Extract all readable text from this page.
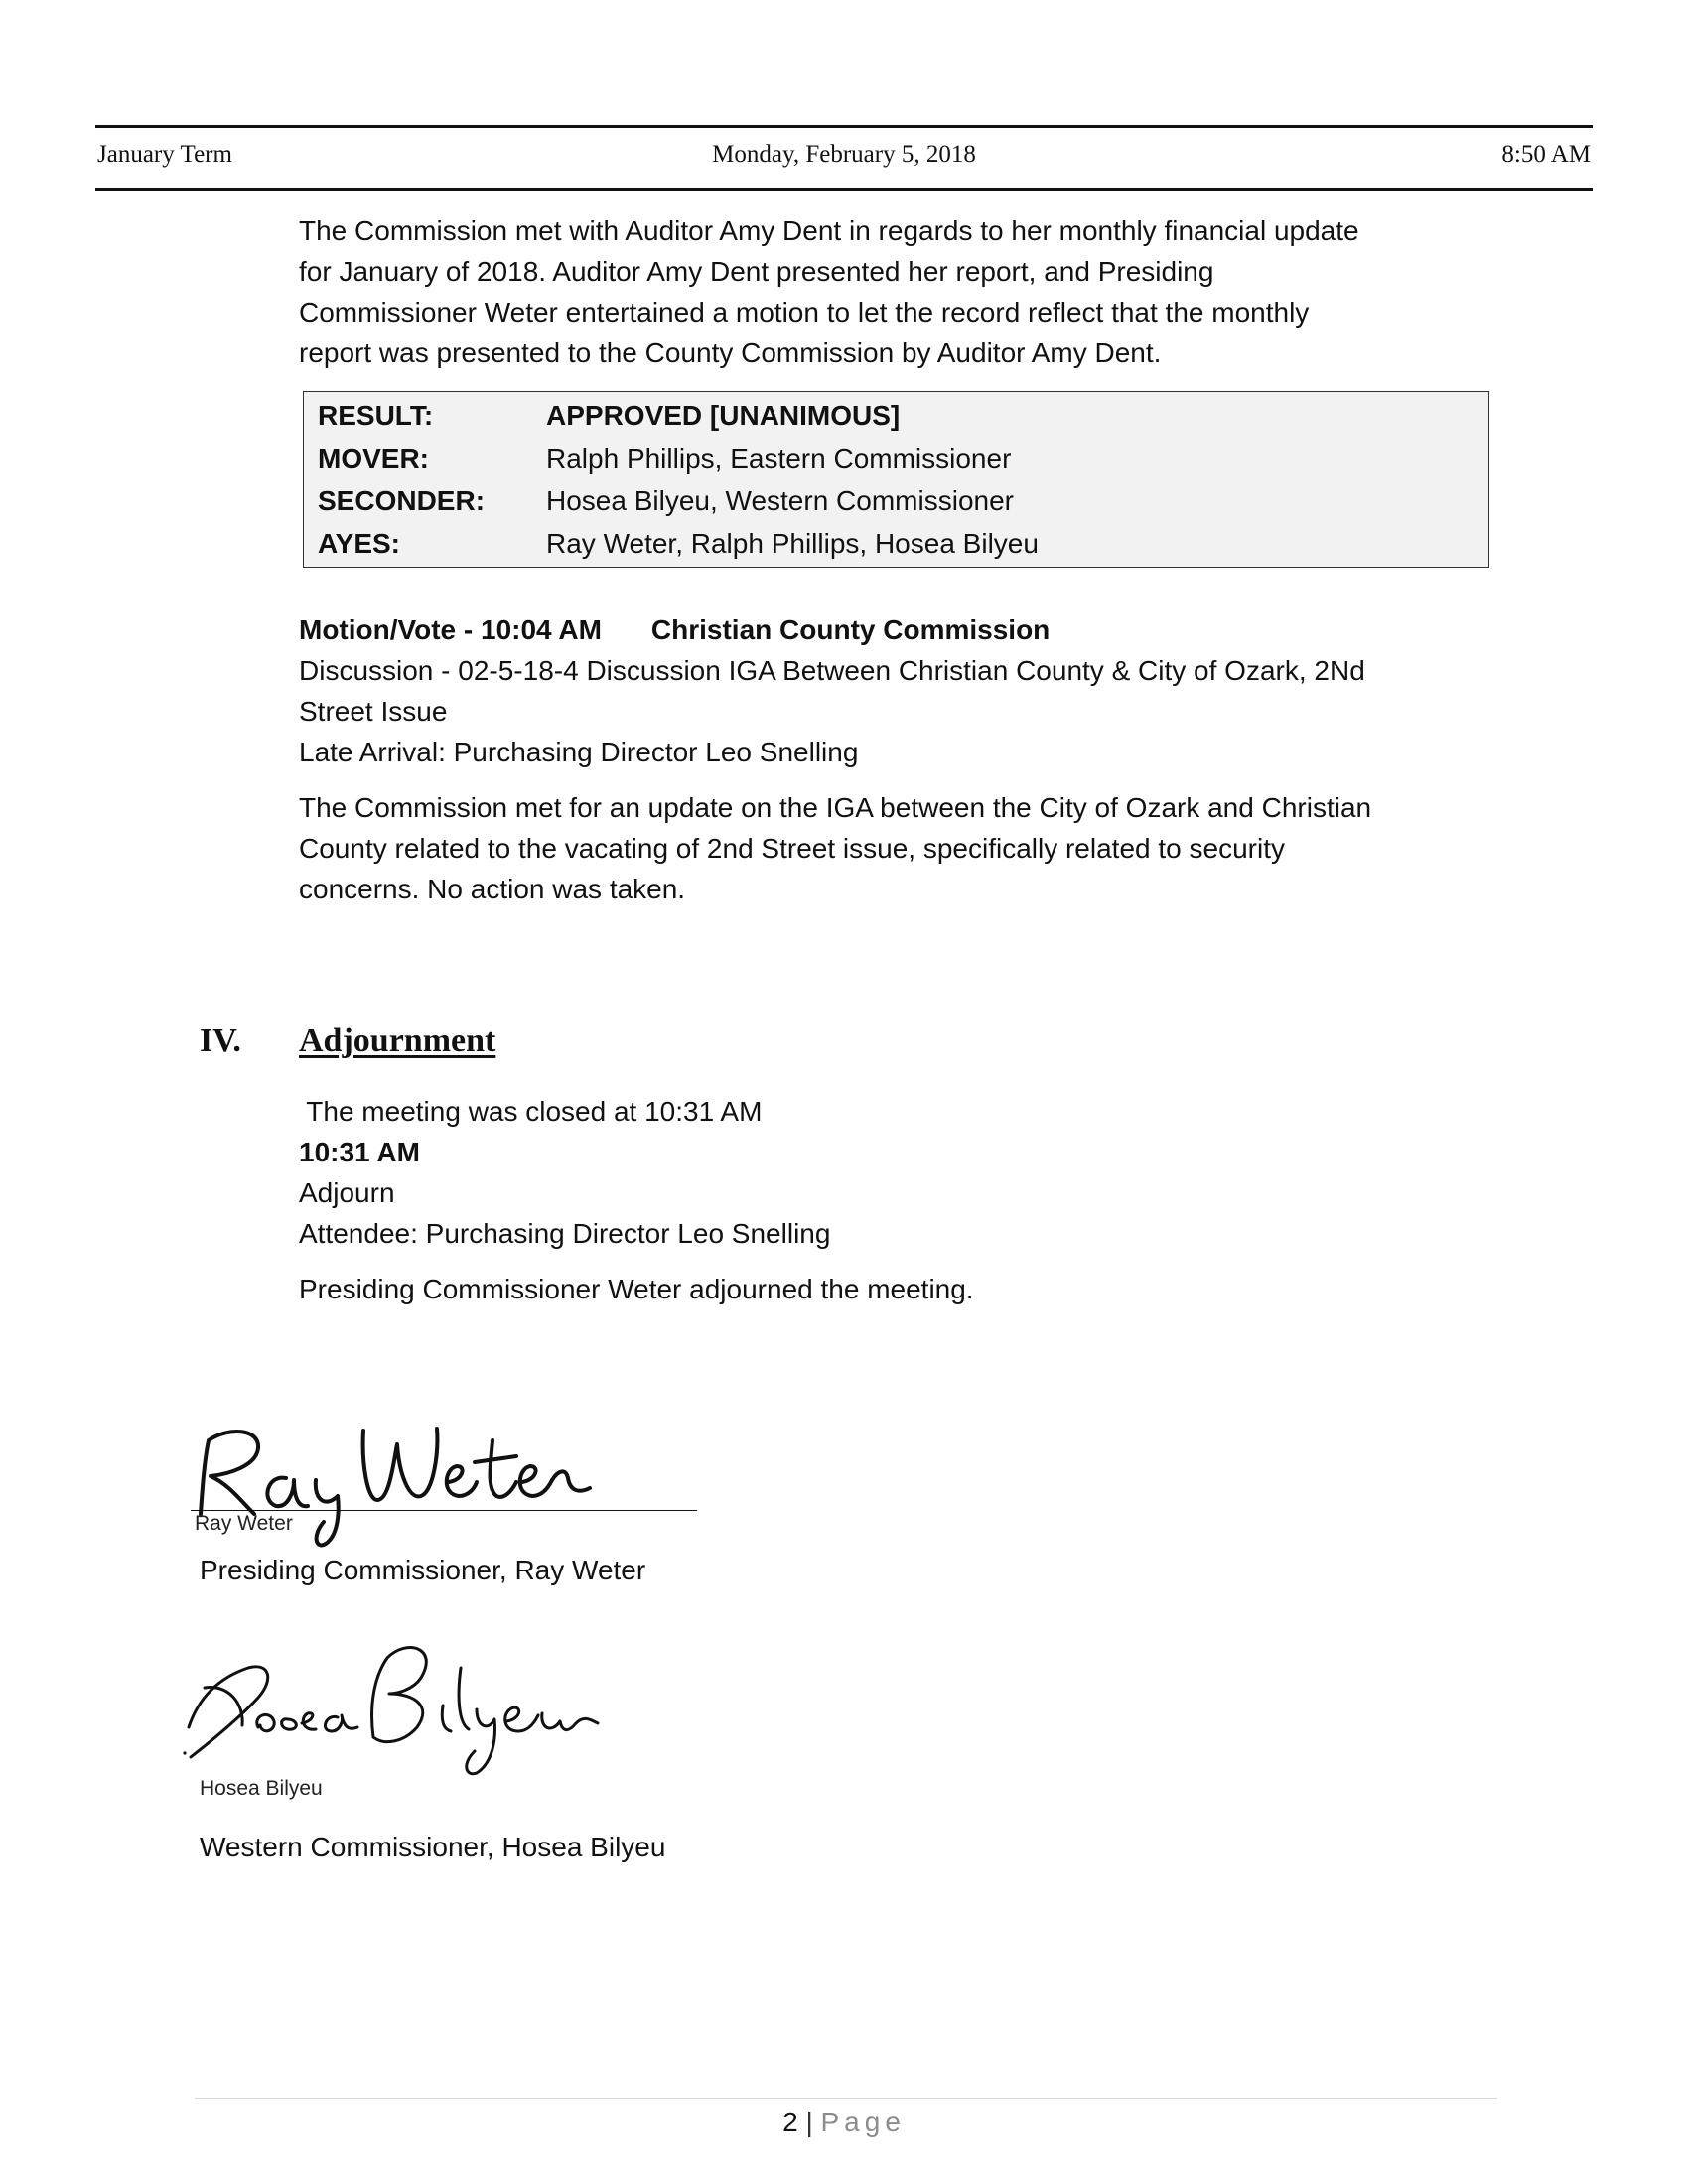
January Term	Monday, February 5, 2018	8:50 AM
The Commission met with Auditor Amy Dent in regards to her monthly financial update
for January of 2018. Auditor Amy Dent presented her report, and Presiding
Commissioner Weter entertained a motion to let the record reflect that the monthly
report was presented to the County Commission by Auditor Amy Dent.
RESULT:	APPROVED [UNANIMOUS]
MOVER:	Ralph Phillips, Eastern Commissioner
SECONDER: Hosea Bilyeu, Western Commissioner
AYES:	Ray Weter, Ralph Phillips, Hosea Bilyeu
Motion/Vote - 10:04 AM Christian County Commission
Discussion - 02-5-18-4 Discussion IGA Between Christian County & City of Ozark, 2Nd
Street Issue
Late Arrival: Purchasing Director Leo Snelling
The Commission met for an update on the IGA between the City of Ozark and Christian
County related to the vacating of 2nd Street issue, specifically related to security
concerns. No action was taken.
IV. Adjournment
The meeting was closed at 10:31 AM
10:31 AM
Adjourn
Attendee: Purchasing Director Leo Snelling
Presiding Commissioner Weter adjourned the meeting.
Ray Weter
Presiding Commissioner, Ray Weter
Hosea Bilyeu
Western Commissioner, Hosea Bilyeu
2 | Page
